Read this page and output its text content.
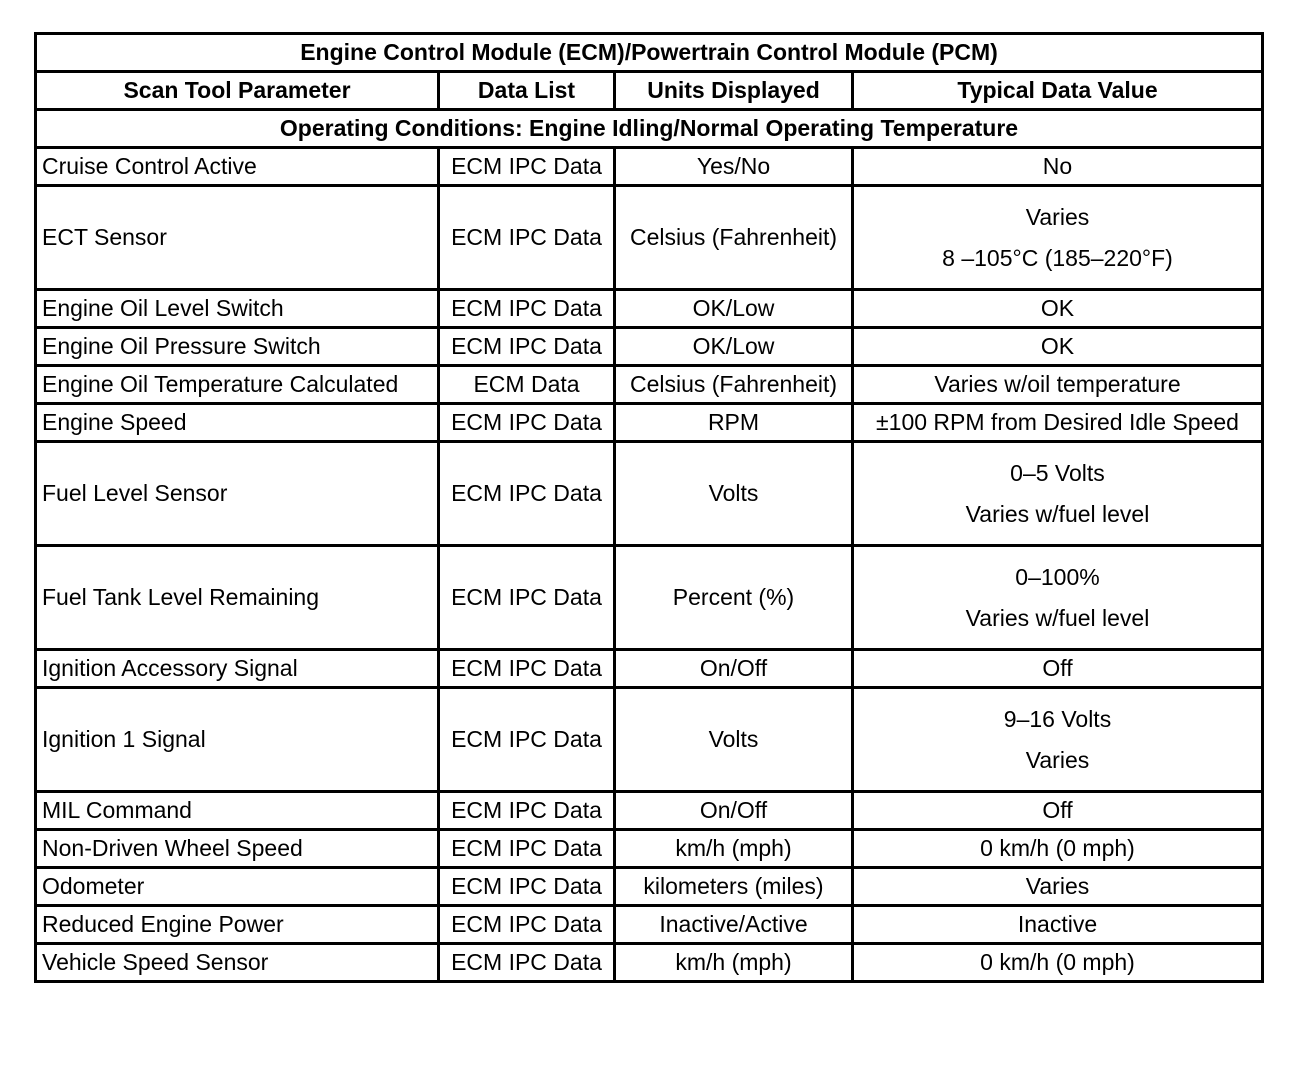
Engine Control Module (ECM)/Powertrain Control Module (PCM)			
Scan Tool Parameter	Data List	Units Displayed	Typical Data Value
Operating Conditions: Engine Idling/Normal Operating Temperature			
Cruise Control Active	ECM IPC Data	Yes/No	No
ECT Sensor	ECM IPC Data	Celsius (Fahrenheit)	Varies
8 –105°C (185–220°F)

Engine Oil Level Switch	ECM IPC Data	OK/Low	OK
Engine Oil Pressure Switch	ECM IPC Data	OK/Low	OK
Engine Oil Temperature Calculated	ECM Data	Celsius (Fahrenheit)	Varies w/oil temperature
Engine Speed	ECM IPC Data	RPM	±100 RPM from Desired Idle Speed
Fuel Level Sensor	ECM IPC Data	Volts	0–5 Volts
Varies w/fuel level

Fuel Tank Level Remaining	ECM IPC Data	Percent (%)	0–100%
Varies w/fuel level

Ignition Accessory Signal	ECM IPC Data	On/Off	Off
Ignition 1 Signal	ECM IPC Data	Volts	9–16 Volts
Varies

MIL Command	ECM IPC Data	On/Off	Off
Non-Driven Wheel Speed	ECM IPC Data	km/h (mph)	0 km/h (0 mph)
Odometer	ECM IPC Data	kilometers (miles)	Varies
Reduced Engine Power	ECM IPC Data	Inactive/Active	Inactive
Vehicle Speed Sensor	ECM IPC Data	km/h (mph)	0 km/h (0 mph)
